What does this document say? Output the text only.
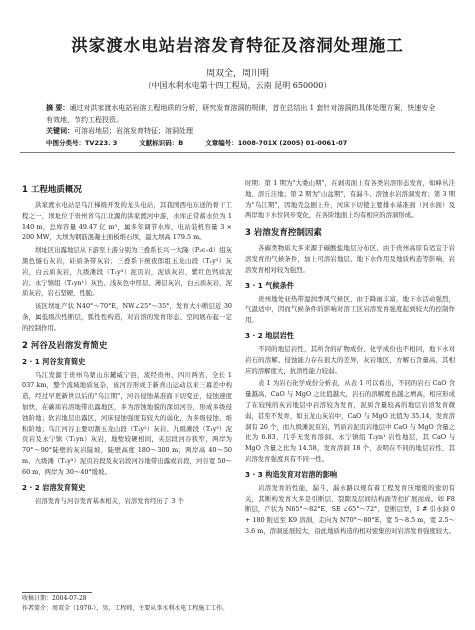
洪家渡水电站岩溶发育特征及溶洞处理施工
周双全，周川明
（中国水利水电第十四工程局，云南 昆明 650000）
摘 要：通过对洪家渡水电站岩溶工程地质的分析，研究发育溶洞的规律，首在总结出 1 套针对溶洞的具体处理方案，快速安全有效地，节约工程投资。
关键词：可溶岩地层；岩溶发育特征；溶洞处理
中图分类号：TV223. 3	文献标识码：B	文章编号：1008-701X (2005) 01-0061-07
1 工程地质概况

洪家渡水电站是乌江梯级开发的龙头电站，其我国西电东送的骨干工程之一，坝址位于贵州省乌江北源的洪家渡河中游，水库正常蓄水位为 1 140 m，总库容量 49.47 亿 m³，属多年调节水库，电站装机容量 3 × 200 MW，大坝为钢筋混凝土面板堆石坝，最大坝高 179.5 m。

坝址区出露地层从下游至上游分别为三叠系长兴一大隆（P₂c₊d）组灰黑色燧石灰岩，硅质条带灰岩；三叠系下统夜郎组玉龙山段（T₁y²）灰岩，白云质灰岩，九级滩段（T₁y³）泥页岩，泥质灰岩，紫红色钙质泥岩；永宁镇组（T₁yn¹）灰色、浅灰色中厚层、薄层灰岩，白云质灰岩，泥质灰岩，岩石坚硬，性脆。

该区坝址产状 N40°～70°E，NW∠25°～35°，发育大小断层近 30 条，属低级次性断层，弧性性构造，对岩溶的发育形态、空间展布起一定的控制作用。

2 河谷及岩溶发育简史
2 · 1 河谷发育简史

乌江发源于贵州乌蒙山东麓威宁县，流经贵州、四川两省，全长 1 037 km，整个流域地质复杂，该河谷形成于新喜山运动以来三幕差中构造，经过早更新世以后的"乌江期"，河谷侵蚀基准面下切变迁，侵蚀速度加快，在碳质岩溶地带出露地区，多为溶蚀地貌的深切河谷，形成多级侵蚀阶地；软岩地层出露区，河床侵蚀强度有较大的弱化，为多级侵蚀、堆积阶地；乌江河谷主要切割玉龙山段（T₁y²）灰岩、九级滩段（T₁y³）泥页岩及永宁镇（T₁yn）灰岩，地堑较硬相间，夹层段河谷狭窄，两岸为 70°～90°陡壁的灰岩陡坡，陡壁高度 180～300 m；两岸高 40～50 m，九级滩（T₁y³）泥页岩段及灰岩段河谷地带出露或岩段，河谷宽 50～60 m，两岸为 30～40°缓坡。

2 · 2 岩溶发育简史

岩溶发育与河谷发育基本相关，岩溶发育经历了 3 个

时期：第 1 期为"大娄山期"，在剥夷面上有各类岩溶形态发育，如峰丛洼地、溶丘洼地；第 2 期为"山盆期"，有漏斗、溶蚀水岩溶洞发育；第 3 期为"乌江期"，因地壳急剧上升，河床下切使主要排水基准面（河水面）及两岸地下水位同步变化，在各阶地面上均有相应的溶洞形成。

3 岩溶发育控制因素

各碳类物质大多来源于碳酸盐地层分布区，由于贵州高原有适宜于岩溶发育的气候条件，加上可溶岩地层、地下水作用及地质构造等影响，岩溶发育相对较为强烈。

3 · 1 气候条件

贵州地处亚热带湿润季风气候区，由于降雨丰富，地下水活动强烈，气温适中，因而气候条件的影响对溶工区岩溶发育强度起到较大的控制作用。

3 · 2 地层岩性

不同的地层岩性，其所含的矿物成份、化学成份也不相同，地下水对岩石的溶解、侵蚀能力存在很大的差异，灰岩地区，方解石含量高，其相应的溶解度大，抗溶性能力较弱。

表 1 为岩石化学成份分析表，从表 1 可以看出，不同的岩石 CaO 含量越高，CaO 与 MgO 之比值越大，岩石的溶解度也越之增高，相应形成了在较纯的灰岩地层中岩溶较为发育，泥质含量较高的地层岩溶发育微弱，甚至不发育，如玉龙山灰岩中，CaO 与 MgO 比值为 35.14，发育溶洞有 26 个，而九级滩泥页岩，钙质岩泥页岩地层中 CaO 与 MgO 含量之比为 6.83，几乎无发育溶洞。永宁镇组 T₁yn¹ 岩性地层，其 CaO 与 MgO 含量之比为 14.58，发育溶洞 18 个，表明在不同的地层岩性，其岩溶发育强度具有不同一性。

3 · 3 构造发育对岩溶的影响

岩溶发育的性能，漏斗、漏水路以规有着工程发育压缩密的密切有关，其断构发育大多是引断层、裂隙及层间结构面等控扩展而成。如 F8 断层，产状为 N65°～82°E，SE ∠65°～72°，是断层型，1 # 引水洞 0 + 180 附近至 K9 溶洞，走向为 N70°～80°E，宽 5～8.5 m，宽 2.5～3.6 m，溶洞延展较大，沿此地质构造的相对密集的对岩溶发育强度较大。

收稿日期：2004-07-28
作者简介：周双全（1970-），男，工程师，主要从事水利水电工程施工工作。
